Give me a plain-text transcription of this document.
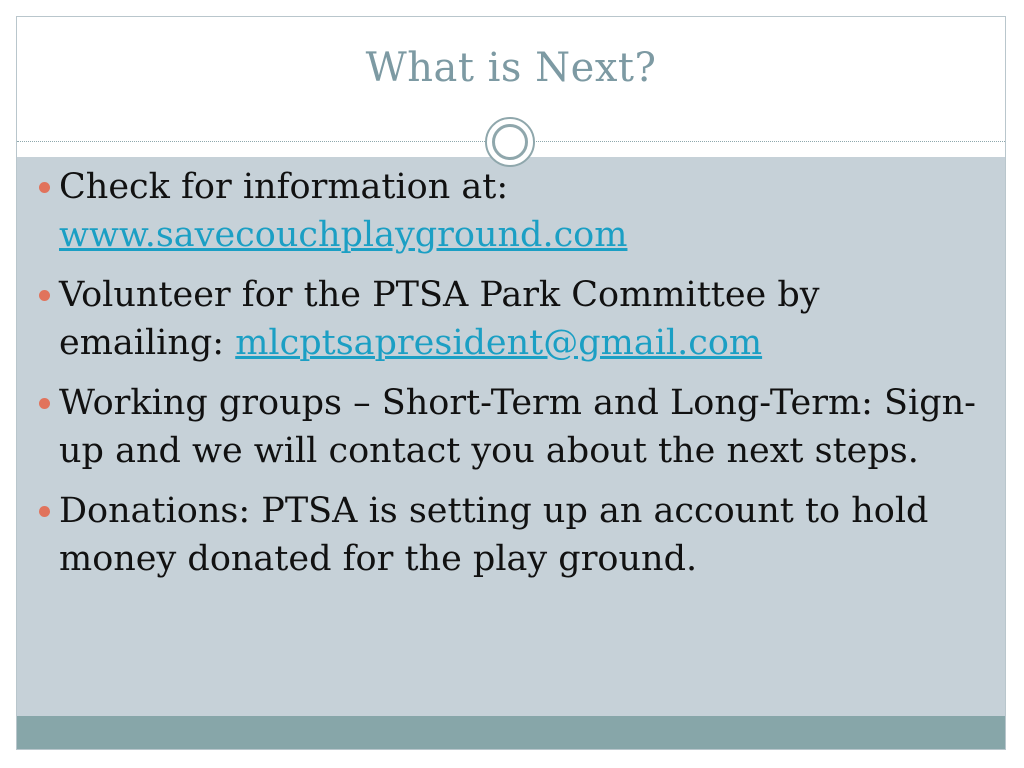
What is Next?
Check for information at:
www.savecouchplayground.com
Volunteer for the PTSA Park Committee by emailing: mlcptsapresident@gmail.com
Working groups – Short-Term and Long-Term: Sign-up and we will contact you about the next steps.
Donations: PTSA is setting up an account to hold money donated for the play ground.
